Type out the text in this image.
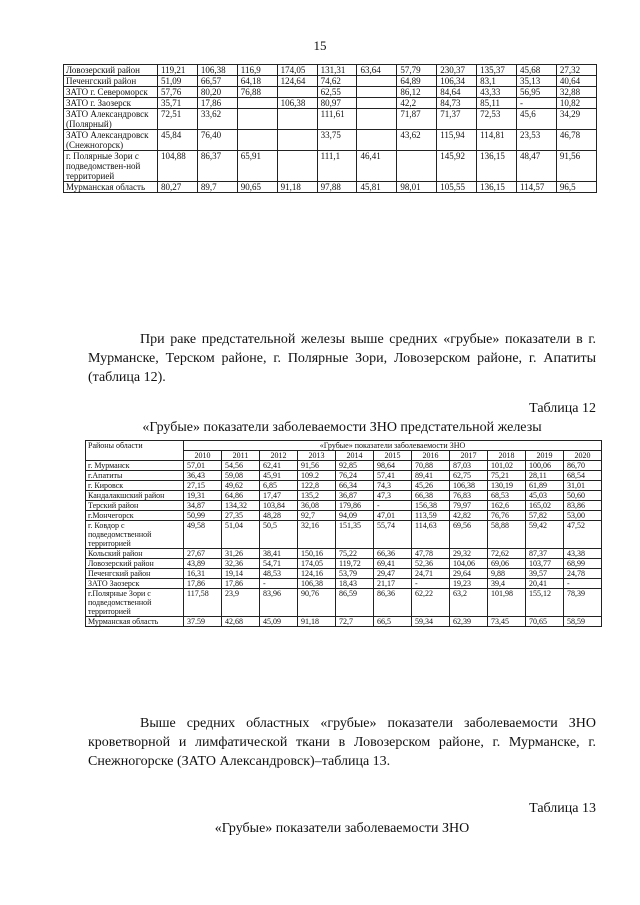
15
Ловозерский район	119,21	106,38	116,9	174,05	131,31	63,64	57,79	230,37	135,37	45,68	27,32
Печенгский район	51,09	66,57	64,18	124,64	74,62		64,89	106,34	83,1	35,13	40,64
ЗАТО г. Североморск	57,76	80,20	76,88		62,55		86,12	84,64	43,33	56,95	32,88
ЗАТО г. Заозерск	35,71	17,86		106,38	80,97		42,2	84,73	85,11	-	10,82
ЗАТО Александровск (Полярный)	72,51	33,62			111,61		71,87	71,37	72,53	45,6	34,29
ЗАТО Александровск (Снежногорск)	45,84	76,40			33,75		43,62	115,94	114,81	23,53	46,78
г. Полярные Зори с подведомствен-ной территорией	104,88	86,37	65,91		111,1	46,41		145,92	136,15	48,47	91,56
Мурманская область	80,27	89,7	90,65	91,18	97,88	45,81	98,01	105,55	136,15	114,57	96,5
При раке предстательной железы выше средних «грубые» показатели в г. Мурманске, Терском районе, г. Полярные Зори, Ловозерском районе, г. Апатиты (таблица 12).
Таблица 12
«Грубые» показатели заболеваемости ЗНО предстательной железы
Районы области	«Грубые» показатели заболеваемости ЗНО										
	2010	2011	2012	2013	2014	2015	2016	2017	2018	2019	2020
г. Мурманск	57,01	54,56	62,41	91,56	92,85	98,64	70,88	87,03	101,02	100,06	86,70
г.Апатиты	36,43	59,08	45,91	109.2	76,24	57,41	89,41	62,75	75,21	28,11	68,54
г. Кировск	27,15	49,62	6,85	122,8	66,34	74,3	45,26	106,38	130,19	61,89	31,01
Кандалакшский район	19,31	64,86	17,47	135,2	36,87	47,3	66,38	76,83	68,53	45,03	50,60
Терский район	34,87	134,32	103,84	36,08	179,86	-	156,38	79,97	162,6	165,02	83,86
г.Мончегорск	50,99	27,35	48,28	92,7	94,09	47,01	113,59	42,82	76,76	57,82	53,00
г. Ковдор с подведомственной территорией	49,58	51,04	50,5	32,16	151,35	55,74	114,63	69,56	58,88	59,42	47,52
Кольский район	27,67	31,26	38,41	150,16	75,22	66,36	47,78	29,32	72,62	87,37	43,38
Ловозерский район	43,89	32,36	54,71	174,05	119,72	69,41	52,36	104,06	69,06	103,77	68,99
Печенгский район	16,31	19,14	48,53	124,16	53,79	29,47	24,71	29,64	9,88	39,57	24,78
ЗАТО Заозерск	17,86	17,86	-	106,38	18,43	21,17	-	19,23	39,4	20,41	-
г.Полярные Зори с подведомственной территорией	117,58	23,9	83,96	90,76	86,59	86,36	62,22	63,2	101,98	155,12	78,39
Мурманская область	37.59	42,68	45,09	91,18	72,7	66,5	59,34	62,39	73,45	70,65	58,59
Выше средних областных «грубые» показатели заболеваемости ЗНО кроветворной и лимфатической ткани в Ловозерском районе, г. Мурманске, г. Снежногорске (ЗАТО Александровск)–таблица 13.
Таблица 13
«Грубые» показатели заболеваемости ЗНО
